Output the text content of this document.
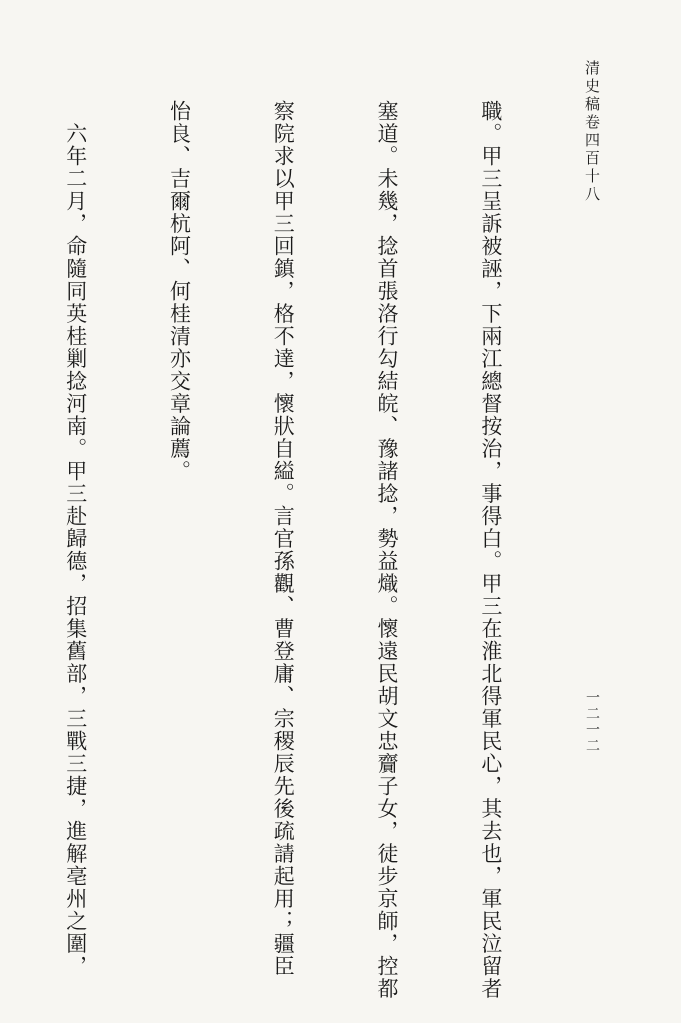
清史稿卷四百十八
一二一二

職。甲三呈訴被誣，下兩江總督按治，事得白。甲三在淮北得軍民心，其去也，軍民泣留者

塞道。未幾，捻首張洛行勾結皖、豫諸捻，勢益熾。懷遠民胡文忠齎子女，徒步京師，控都

察院求以甲三回鎮，格不達，懷狀自縊。言官孫觀、曹登庸、宗稷辰先後疏請起用；疆臣

怡良、吉爾杭阿、何桂清亦交章論薦。

　六年二月，命隨同英桂剿捻河南。甲三赴歸德，招集舊部，三戰三捷，進解亳州之圍，
